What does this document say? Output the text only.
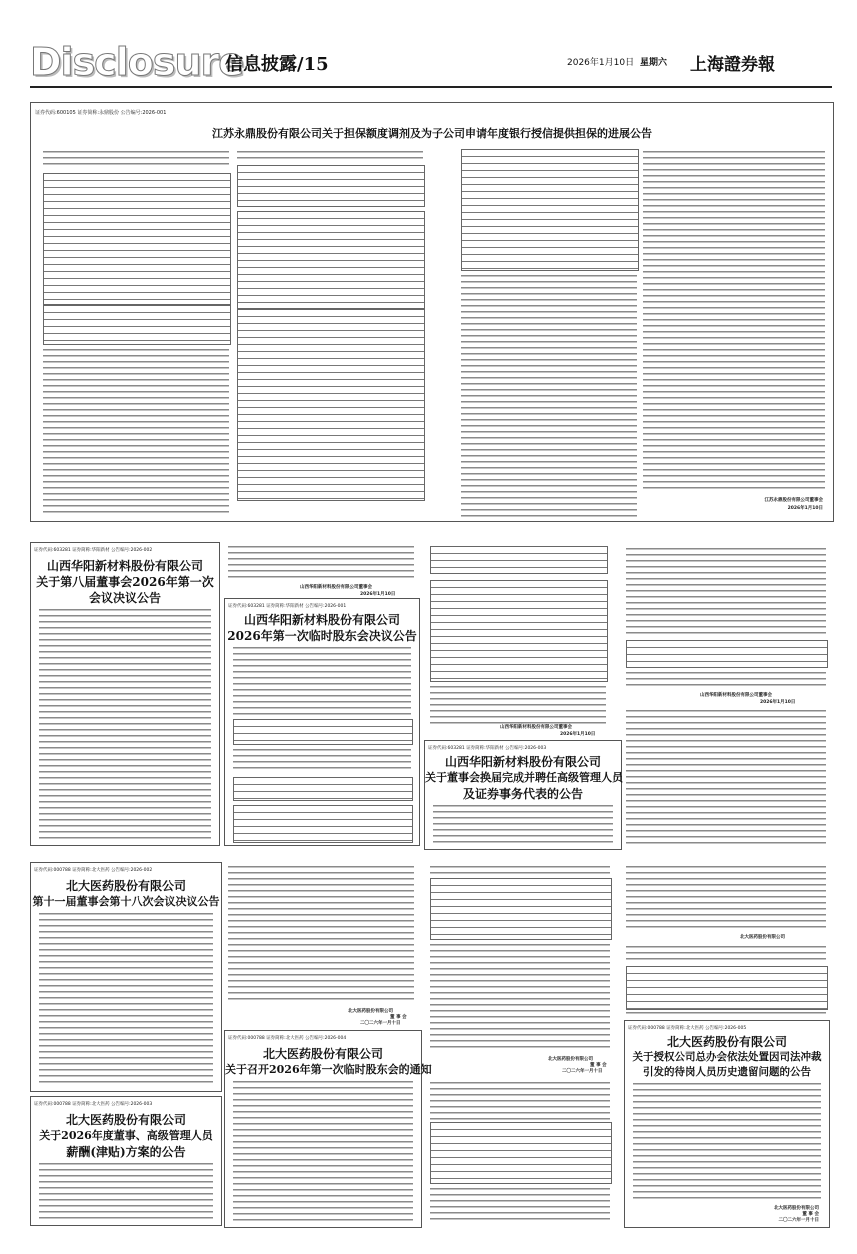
Disclosure
信息披露/15	2026年1月10日 星期六 上海證券報
证券代码:600105 证券简称:永鼎股份 公告编号:2026-001
江苏永鼎股份有限公司关于担保额度调剂及为子公司申请年度银行授信提供担保的进展公告
江苏永鼎股份有限公司董事会
2026年1月10日
证券代码:603281 证券简称:华阳新材 公告编号:2026-002
山西华阳新材料股份有限公司
关于第八届董事会2026年第一次
会议决议公告
山西华阳新材料股份有限公司董事会
2026年1月10日
证券代码:603281 证券简称:华阳新材 公告编号:2026-001
山西华阳新材料股份有限公司
2026年第一次临时股东会决议公告
山西华阳新材料股份有限公司董事会
2026年1月10日
证券代码:603281 证券简称:华阳新材 公告编号:2026-003
山西华阳新材料股份有限公司
关于董事会换届完成并聘任高级管理人员
及证券事务代表的公告
山西华阳新材料股份有限公司董事会
2026年1月10日
证券代码:000788 证券简称:北大医药 公告编号:2026-002
北大医药股份有限公司
第十一届董事会第十八次会议决议公告
北大医药股份有限公司
董 事 会
二〇二六年一月十日
证券代码:000788 证券简称:北大医药 公告编号:2026-003
北大医药股份有限公司
关于2026年度董事、高级管理人员
薪酬(津贴)方案的公告
证券代码:000788 证券简称:北大医药 公告编号:2026-004
北大医药股份有限公司
关于召开2026年第一次临时股东会的通知
北大医药股份有限公司
董 事 会
二〇二六年一月十日
北大医药股份有限公司
证券代码:000788 证券简称:北大医药 公告编号:2026-005
北大医药股份有限公司
关于授权公司总办会依法处置因司法冲裁
引发的待岗人员历史遗留问题的公告
北大医药股份有限公司
董 事 会
二〇二六年一月十日
